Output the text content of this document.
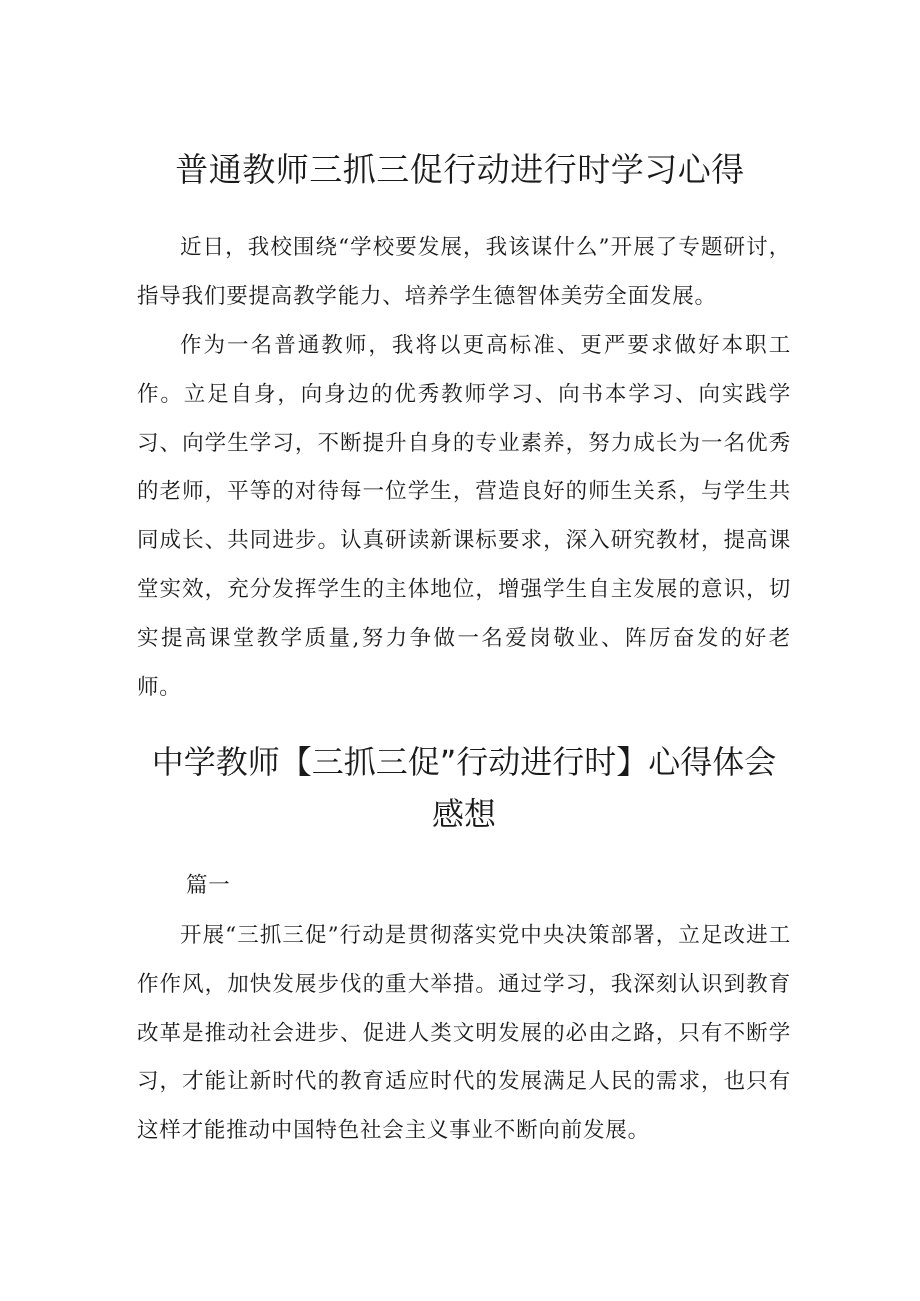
普通教师三抓三促行动进行时学习心得

近日，我校围绕“学校要发展，我该谋什么”开展了专题研讨，指导我们要提高教学能力、培养学生德智体美劳全面发展。

作为一名普通教师，我将以更高标准、更严要求做好本职工作。立足自身，向身边的优秀教师学习、向书本学习、向实践学习、向学生学习，不断提升自身的专业素养，努力成长为一名优秀的老师，平等的对待每一位学生，营造良好的师生关系，与学生共同成长、共同进步。认真研读新课标要求，深入研究教材，提高课堂实效，充分发挥学生的主体地位，增强学生自主发展的意识，切实提高课堂教学质量,努力争做一名爱岗敬业、阵厉奋发的好老师。

中学教师【三抓三促”行动进行时】心得体会感想
篇一

开展“三抓三促”行动是贯彻落实党中央决策部署，立足改进工作作风，加快发展步伐的重大举措。通过学习，我深刻认识到教育改革是推动社会进步、促进人类文明发展的必由之路，只有不断学习，才能让新时代的教育适应时代的发展满足人民的需求，也只有这样才能推动中国特色社会主义事业不断向前发展。
